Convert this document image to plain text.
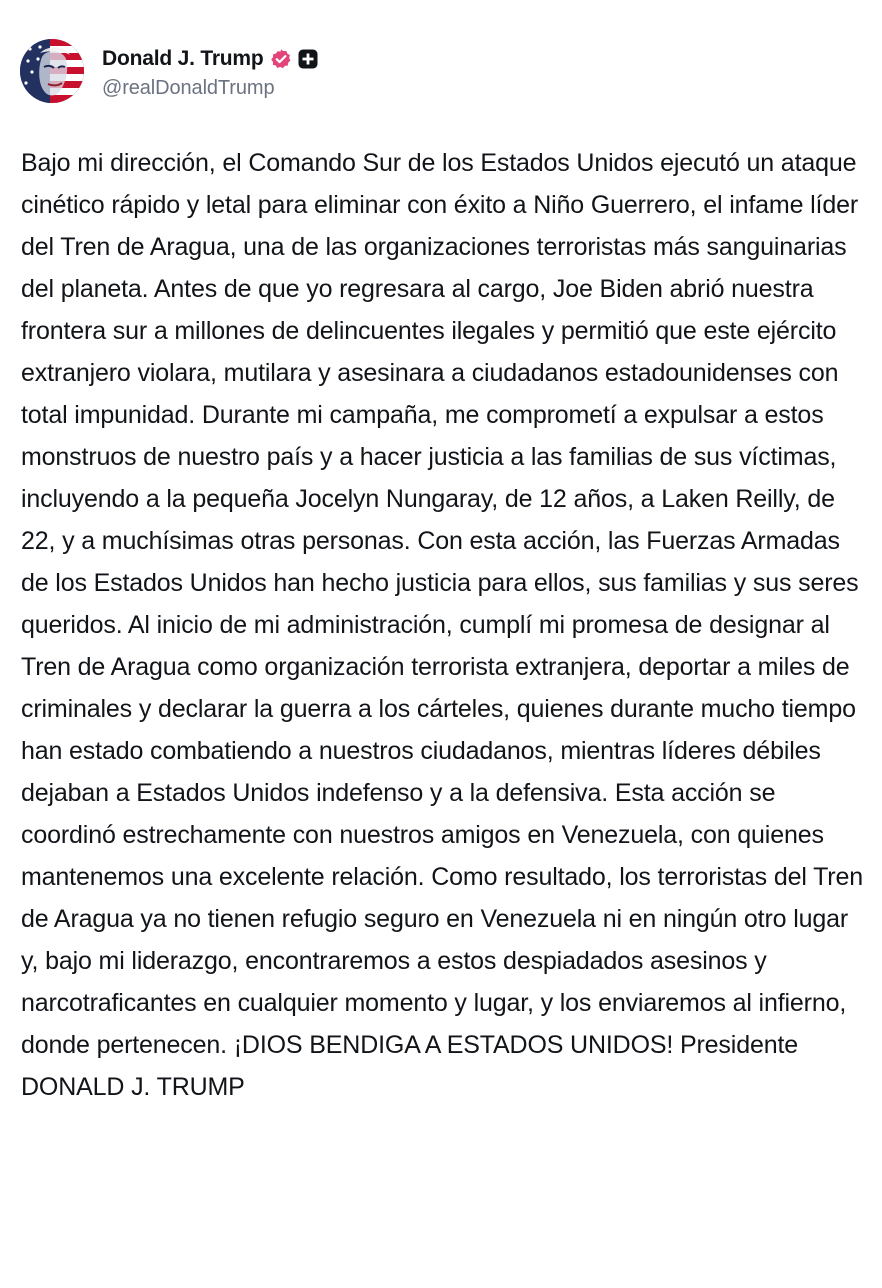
Donald J. Trump
@realDonaldTrump
Bajo mi dirección, el Comando Sur de los Estados Unidos ejecutó un ataque cinético rápido y letal para eliminar con éxito a Niño Guerrero, el infame líder del Tren de Aragua, una de las organizaciones terroristas más sanguinarias del planeta. Antes de que yo regresara al cargo, Joe Biden abrió nuestra frontera sur a millones de delincuentes ilegales y permitió que este ejército extranjero violara, mutilara y asesinara a ciudadanos estadounidenses con total impunidad. Durante mi campaña, me comprometí a expulsar a estos monstruos de nuestro país y a hacer justicia a las familias de sus víctimas, incluyendo a la pequeña Jocelyn Nungaray, de 12 años, a Laken Reilly, de 22, y a muchísimas otras personas. Con esta acción, las Fuerzas Armadas de los Estados Unidos han hecho justicia para ellos, sus familias y sus seres queridos. Al inicio de mi administración, cumplí mi promesa de designar al Tren de Aragua como organización terrorista extranjera, deportar a miles de criminales y declarar la guerra a los cárteles, quienes durante mucho tiempo han estado combatiendo a nuestros ciudadanos, mientras líderes débiles dejaban a Estados Unidos indefenso y a la defensiva. Esta acción se coordinó estrechamente con nuestros amigos en Venezuela, con quienes mantenemos una excelente relación. Como resultado, los terroristas del Tren de Aragua ya no tienen refugio seguro en Venezuela ni en ningún otro lugar y, bajo mi liderazgo, encontraremos a estos despiadados asesinos y narcotraficantes en cualquier momento y lugar, y los enviaremos al infierno, donde pertenecen. ¡DIOS BENDIGA A ESTADOS UNIDOS! Presidente DONALD J. TRUMP
